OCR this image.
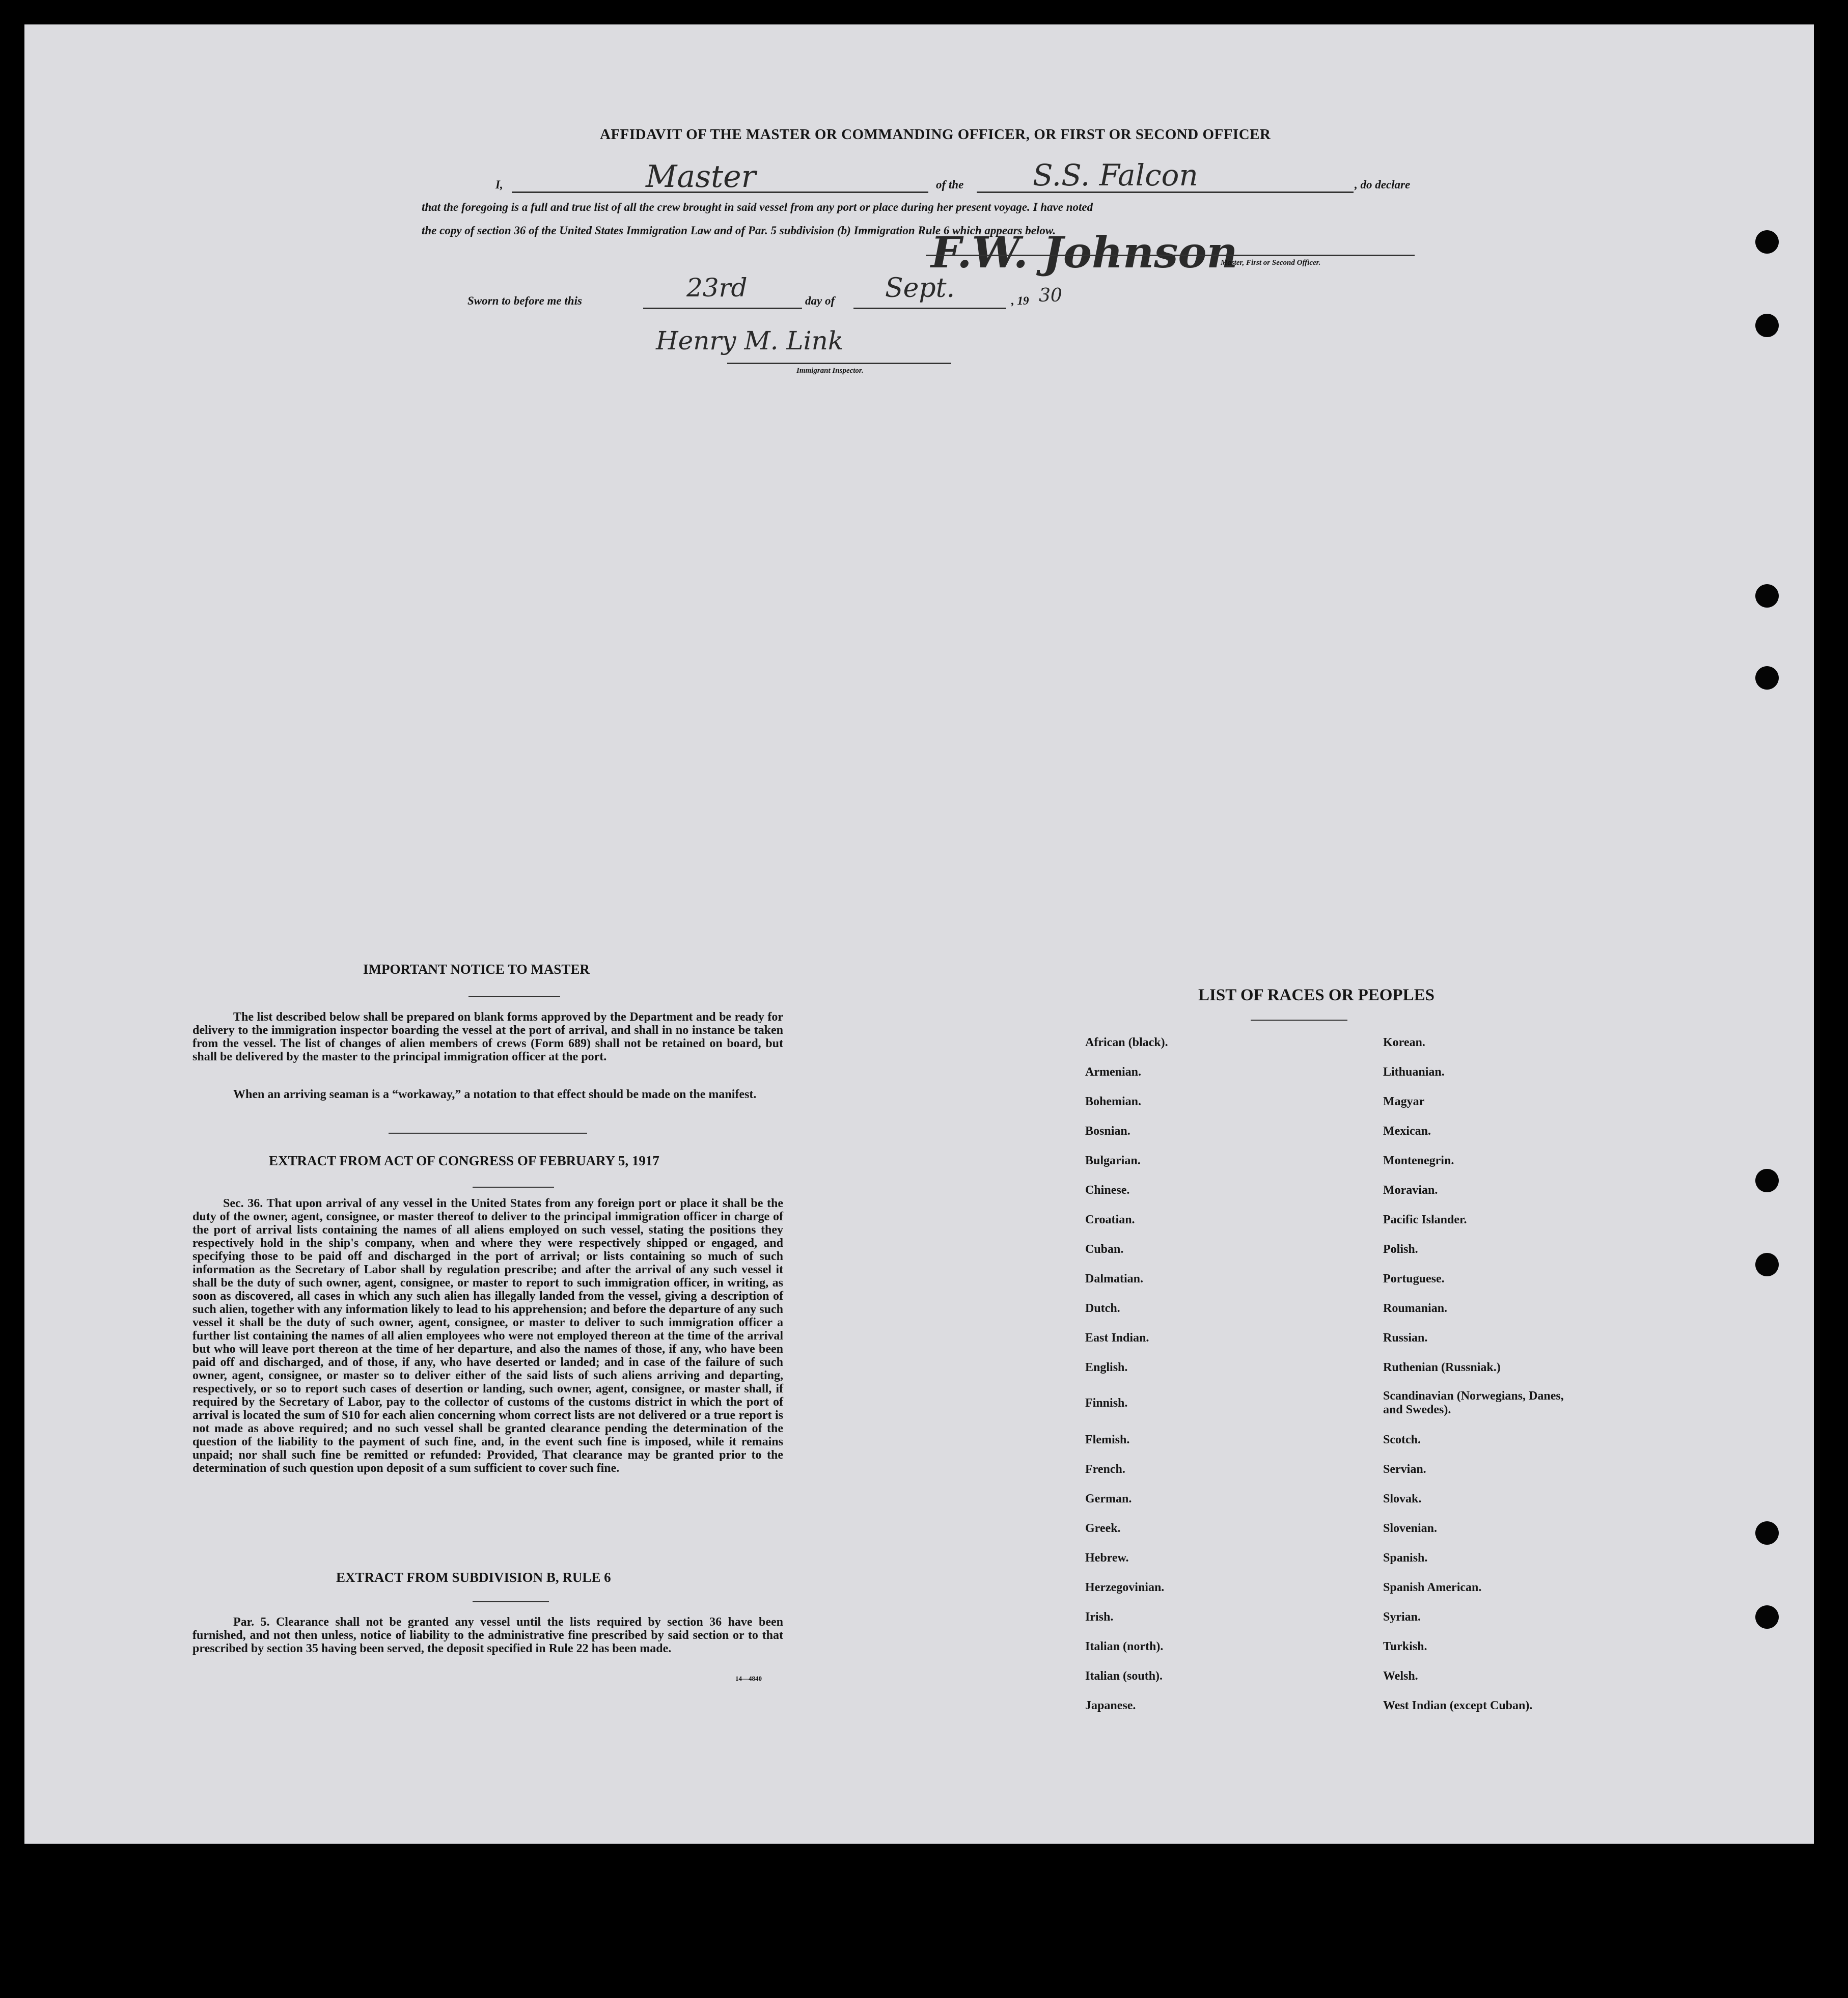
AFFIDAVIT OF THE MASTER OR COMMANDING OFFICER, OR FIRST OR SECOND OFFICER
I,	Master	of the S.S. Falcon	, do declare
that the foregoing is a full and true list of all the crew brought in said vessel from any port or place during her present voyage. I have noted
the copy of section 36 of the United States Immigration Law and of Par. 5 subdivision (b) Immigration Rule 6 which appears below.
F.W. Johnson
Master, First or Second Officer.
Sworn to before me this	23rd	day of Sept.	, 19 30
Henry M. Link
Immigrant Inspector.
IMPORTANT NOTICE TO MASTER
The list described below shall be prepared on blank forms approved by the Department and be ready for delivery to the immigration inspector boarding the vessel at the port of arrival, and shall in no instance be taken from the vessel. The list of changes of alien members of crews (Form 689) shall not be retained on board, but shall be delivered by the master to the principal immigration officer at the port.
When an arriving seaman is a “workaway,” a notation to that effect should be made on the manifest.
EXTRACT FROM ACT OF CONGRESS OF FEBRUARY 5, 1917
Sec. 36. That upon arrival of any vessel in the United States from any foreign port or place it shall be the duty of the owner, agent, consignee, or master thereof to deliver to the principal immigration officer in charge of the port of arrival lists containing the names of all aliens employed on such vessel, stating the positions they respectively hold in the ship's company, when and where they were respectively shipped or engaged, and specifying those to be paid off and discharged in the port of arrival; or lists containing so much of such information as the Secretary of Labor shall by regulation prescribe; and after the arrival of any such vessel it shall be the duty of such owner, agent, consignee, or master to report to such immigration officer, in writing, as soon as discovered, all cases in which any such alien has illegally landed from the vessel, giving a description of such alien, together with any information likely to lead to his apprehension; and before the departure of any such vessel it shall be the duty of such owner, agent, consignee, or master to deliver to such immigration officer a further list containing the names of all alien employees who were not employed thereon at the time of the arrival but who will leave port thereon at the time of her departure, and also the names of those, if any, who have been paid off and discharged, and of those, if any, who have deserted or landed; and in case of the failure of such owner, agent, consignee, or master so to deliver either of the said lists of such aliens arriving and departing, respectively, or so to report such cases of desertion or landing, such owner, agent, consignee, or master shall, if required by the Secretary of Labor, pay to the collector of customs of the customs district in which the port of arrival is located the sum of $10 for each alien concerning whom correct lists are not delivered or a true report is not made as above required; and no such vessel shall be granted clearance pending the determination of the question of the liability to the payment of such fine, and, in the event such fine is imposed, while it remains unpaid; nor shall such fine be remitted or refunded: Provided, That clearance may be granted prior to the determination of such question upon deposit of a sum sufficient to cover such fine.
EXTRACT FROM SUBDIVISION B, RULE 6
Par. 5. Clearance shall not be granted any vessel until the lists required by section 36 have been furnished, and not then unless, notice of liability to the administrative fine prescribed by said section or to that prescribed by section 35 having been served, the deposit specified in Rule 22 has been made.
14—4840
LIST OF RACES OR PEOPLES
African (black).
Armenian.
Bohemian.
Bosnian.
Bulgarian.
Chinese.
Croatian.
Cuban.
Dalmatian.
Dutch.
East Indian.
English.
Finnish.
Flemish.
French.
German.
Greek.
Hebrew.
Herzegovinian.
Irish.
Italian (north).
Italian (south).
Japanese.
Korean.
Lithuanian.
Magyar
Mexican.
Montenegrin.
Moravian.
Pacific Islander.
Polish.
Portuguese.
Roumanian.
Russian.
Ruthenian (Russniak.)
Scandinavian (Norwegians, Danes, and Swedes).
Scotch.
Servian.
Slovak.
Slovenian.
Spanish.
Spanish American.
Syrian.
Turkish.
Welsh.
West Indian (except Cuban).
